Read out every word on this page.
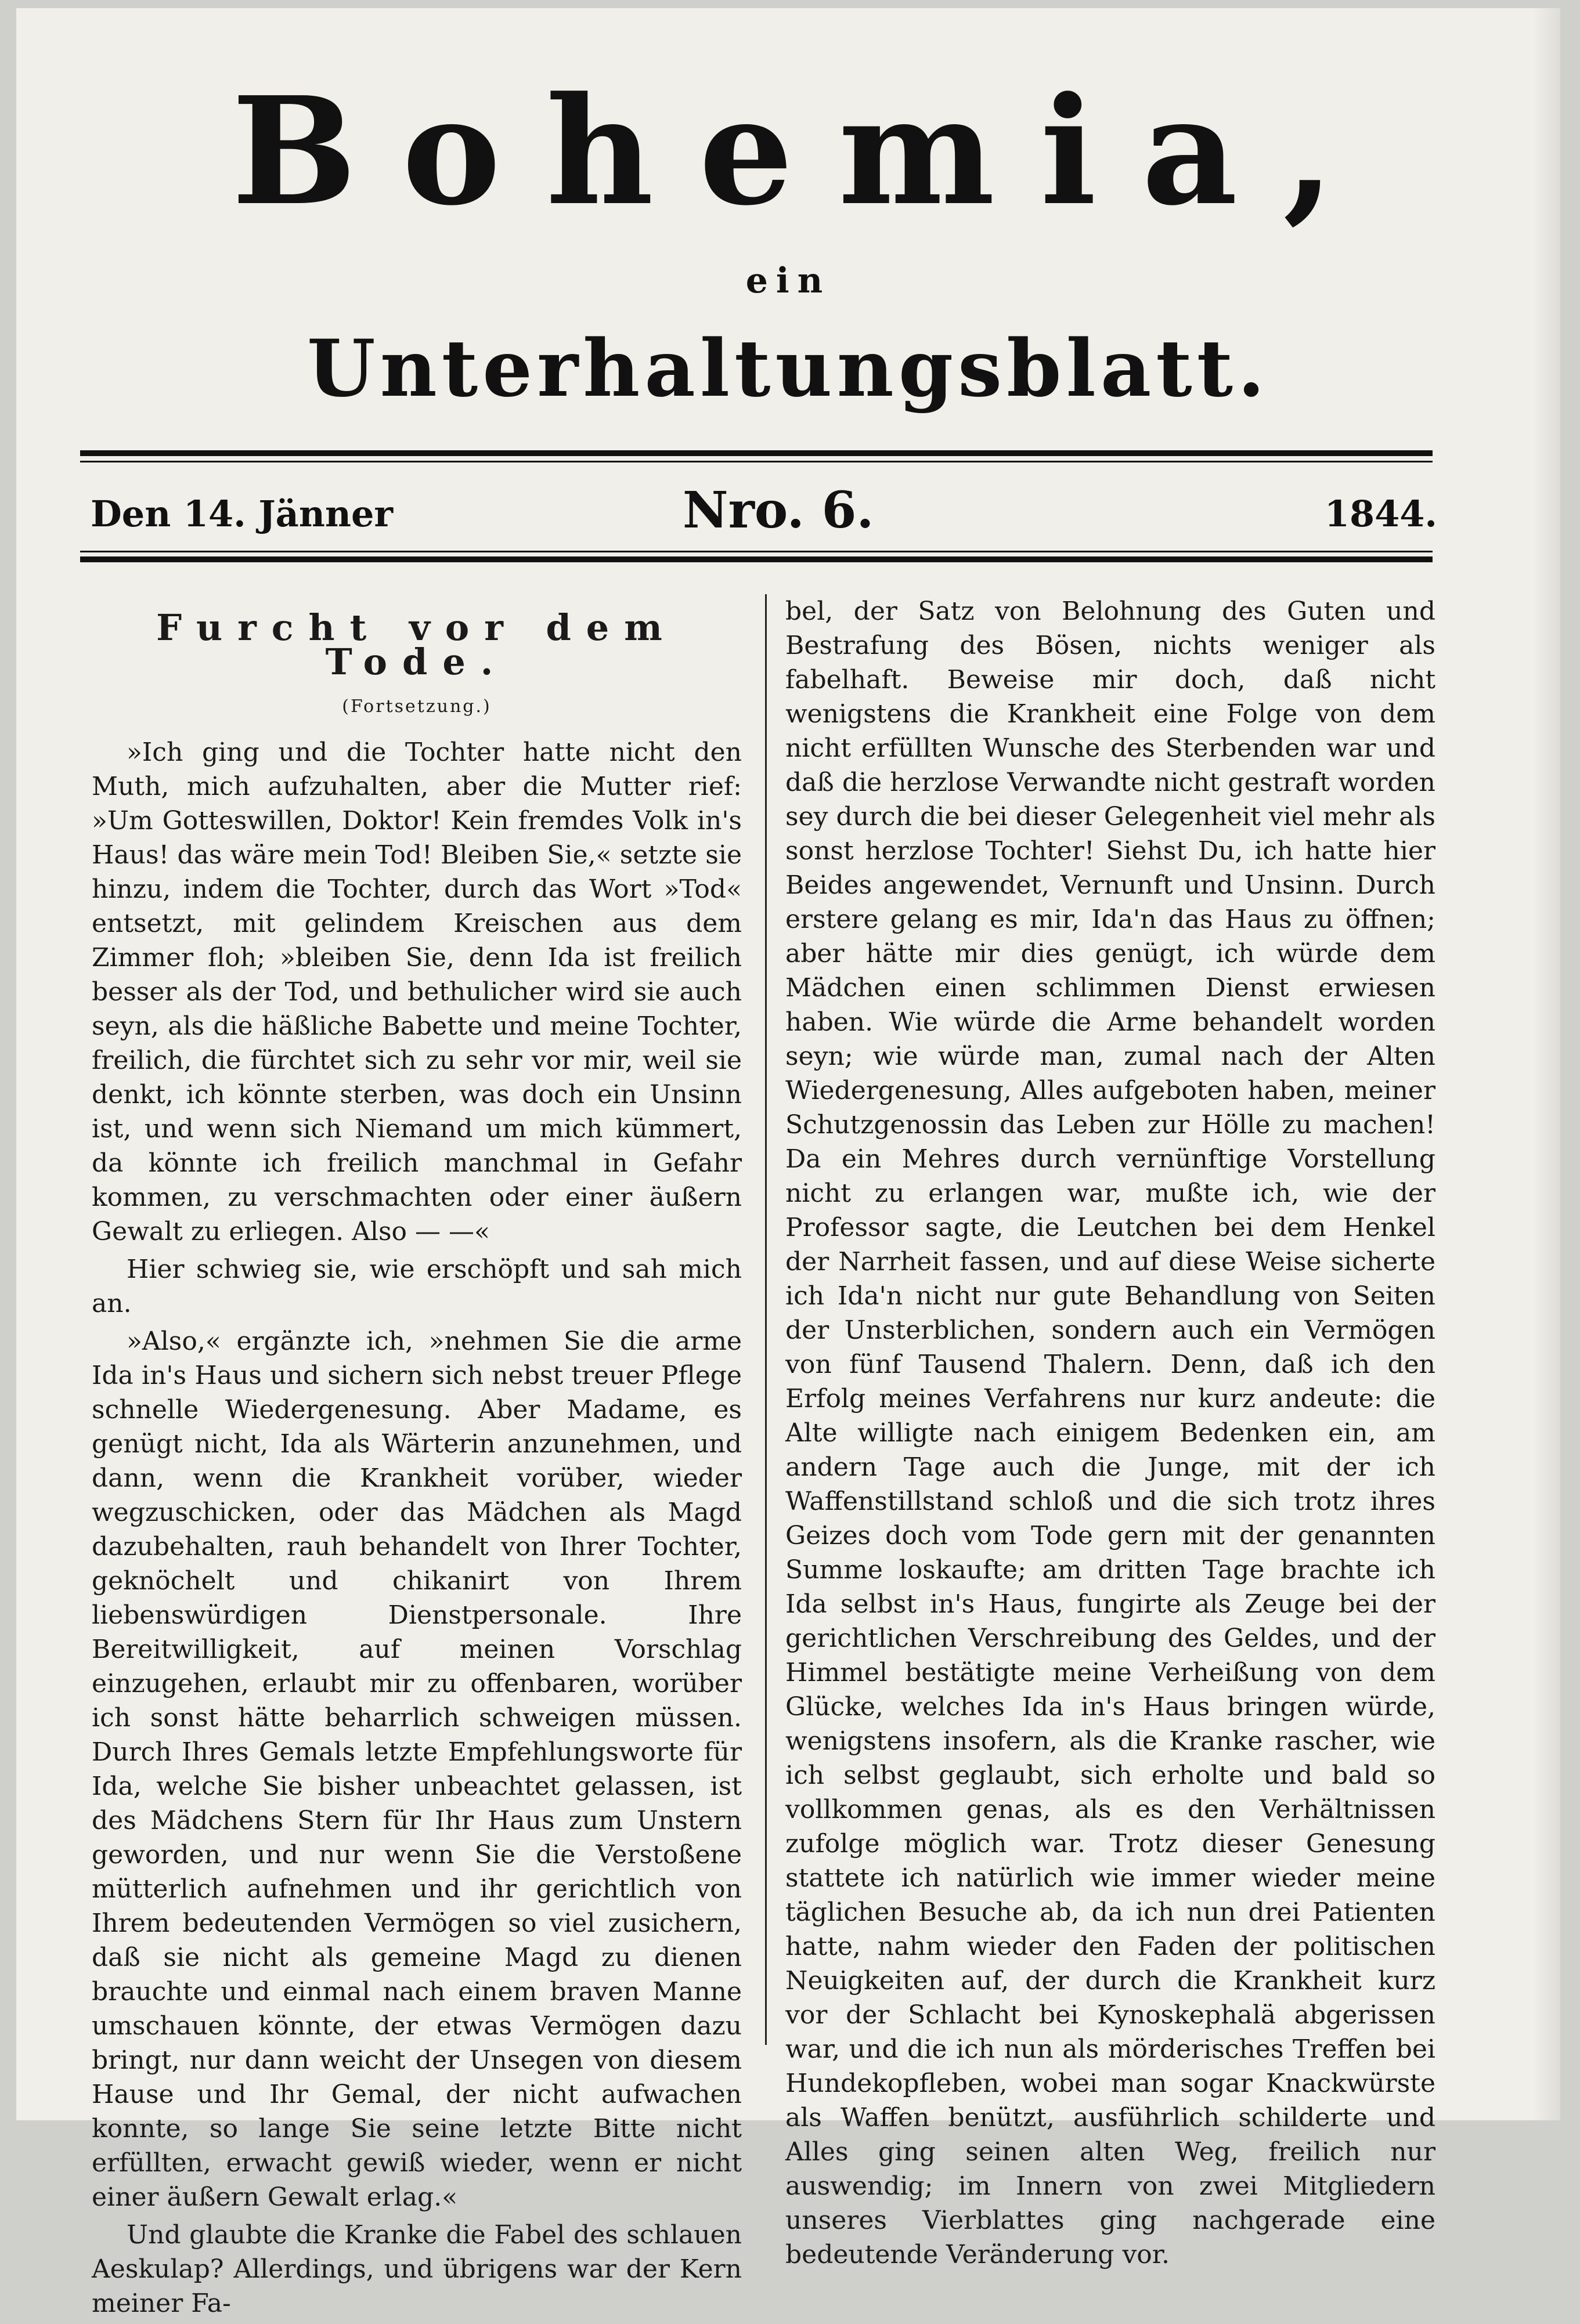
Bohemia,
ein
Unterhaltungsblatt.
Den 14. Jänner	Nro. 6.	1844.
Furcht vor dem Tode.
(Fortsetzung.)

»Ich ging und die Tochter hatte nicht den Muth, mich aufzuhalten, aber die Mutter rief: »Um Gotteswillen, Doktor! Kein fremdes Volk in's Haus! das wäre mein Tod! Bleiben Sie,« setzte sie hinzu, indem die Tochter, durch das Wort »Tod« entsetzt, mit gelindem Kreischen aus dem Zimmer floh; »bleiben Sie, denn Ida ist freilich besser als der Tod, und bethulicher wird sie auch seyn, als die häßliche Babette und meine Tochter, freilich, die fürchtet sich zu sehr vor mir, weil sie denkt, ich könnte sterben, was doch ein Unsinn ist, und wenn sich Niemand um mich kümmert, da könnte ich freilich manchmal in Gefahr kommen, zu verschmachten oder einer äußern Gewalt zu erliegen. Also — —«

Hier schwieg sie, wie erschöpft und sah mich an.

»Also,« ergänzte ich, »nehmen Sie die arme Ida in's Haus und sichern sich nebst treuer Pflege schnelle Wiedergenesung. Aber Madame, es genügt nicht, Ida als Wärterin anzunehmen, und dann, wenn die Krankheit vorüber, wieder wegzuschicken, oder das Mädchen als Magd dazubehalten, rauh behandelt von Ihrer Tochter, geknöchelt und chikanirt von Ihrem liebenswürdigen Dienstpersonale. Ihre Bereitwilligkeit, auf meinen Vorschlag einzugehen, erlaubt mir zu offenbaren, worüber ich sonst hätte beharrlich schweigen müssen. Durch Ihres Gemals letzte Empfehlungsworte für Ida, welche Sie bisher unbeachtet gelassen, ist des Mädchens Stern für Ihr Haus zum Unstern geworden, und nur wenn Sie die Verstoßene mütterlich aufnehmen und ihr gerichtlich von Ihrem bedeutenden Vermögen so viel zusichern, daß sie nicht als gemeine Magd zu dienen brauchte und einmal nach einem braven Manne umschauen könnte, der etwas Vermögen dazu bringt, nur dann weicht der Unsegen von diesem Hause und Ihr Gemal, der nicht aufwachen konnte, so lange Sie seine letzte Bitte nicht erfüllten, erwacht gewiß wieder, wenn er nicht einer äußern Gewalt erlag.«

Und glaubte die Kranke die Fabel des schlauen Aeskulap? Allerdings, und übrigens war der Kern meiner Fa-

bel, der Satz von Belohnung des Guten und Bestrafung des Bösen, nichts weniger als fabelhaft. Beweise mir doch, daß nicht wenigstens die Krankheit eine Folge von dem nicht erfüllten Wunsche des Sterbenden war und daß die herzlose Verwandte nicht gestraft worden sey durch die bei dieser Gelegenheit viel mehr als sonst herzlose Tochter! Siehst Du, ich hatte hier Beides angewendet, Vernunft und Unsinn. Durch erstere gelang es mir, Ida'n das Haus zu öffnen; aber hätte mir dies genügt, ich würde dem Mädchen einen schlimmen Dienst erwiesen haben. Wie würde die Arme behandelt worden seyn; wie würde man, zumal nach der Alten Wiedergenesung, Alles aufgeboten haben, meiner Schutzgenossin das Leben zur Hölle zu machen! Da ein Mehres durch vernünftige Vorstellung nicht zu erlangen war, mußte ich, wie der Professor sagte, die Leutchen bei dem Henkel der Narrheit fassen, und auf diese Weise sicherte ich Ida'n nicht nur gute Behandlung von Seiten der Unsterblichen, sondern auch ein Vermögen von fünf Tausend Thalern. Denn, daß ich den Erfolg meines Verfahrens nur kurz andeute: die Alte willigte nach einigem Bedenken ein, am andern Tage auch die Junge, mit der ich Waffenstillstand schloß und die sich trotz ihres Geizes doch vom Tode gern mit der genannten Summe loskaufte; am dritten Tage brachte ich Ida selbst in's Haus, fungirte als Zeuge bei der gerichtlichen Verschreibung des Geldes, und der Himmel bestätigte meine Verheißung von dem Glücke, welches Ida in's Haus bringen würde, wenigstens insofern, als die Kranke rascher, wie ich selbst geglaubt, sich erholte und bald so vollkommen genas, als es den Verhältnissen zufolge möglich war. Trotz dieser Genesung stattete ich natürlich wie immer wieder meine täglichen Besuche ab, da ich nun drei Patienten hatte, nahm wieder den Faden der politischen Neuigkeiten auf, der durch die Krankheit kurz vor der Schlacht bei Kynoskephalä abgerissen war, und die ich nun als mörderisches Treffen bei Hundekopfleben, wobei man sogar Knackwürste als Waffen benützt, ausführlich schilderte und Alles ging seinen alten Weg, freilich nur auswendig; im Innern von zwei Mitgliedern unseres Vierblattes ging nachgerade eine bedeutende Veränderung vor.
